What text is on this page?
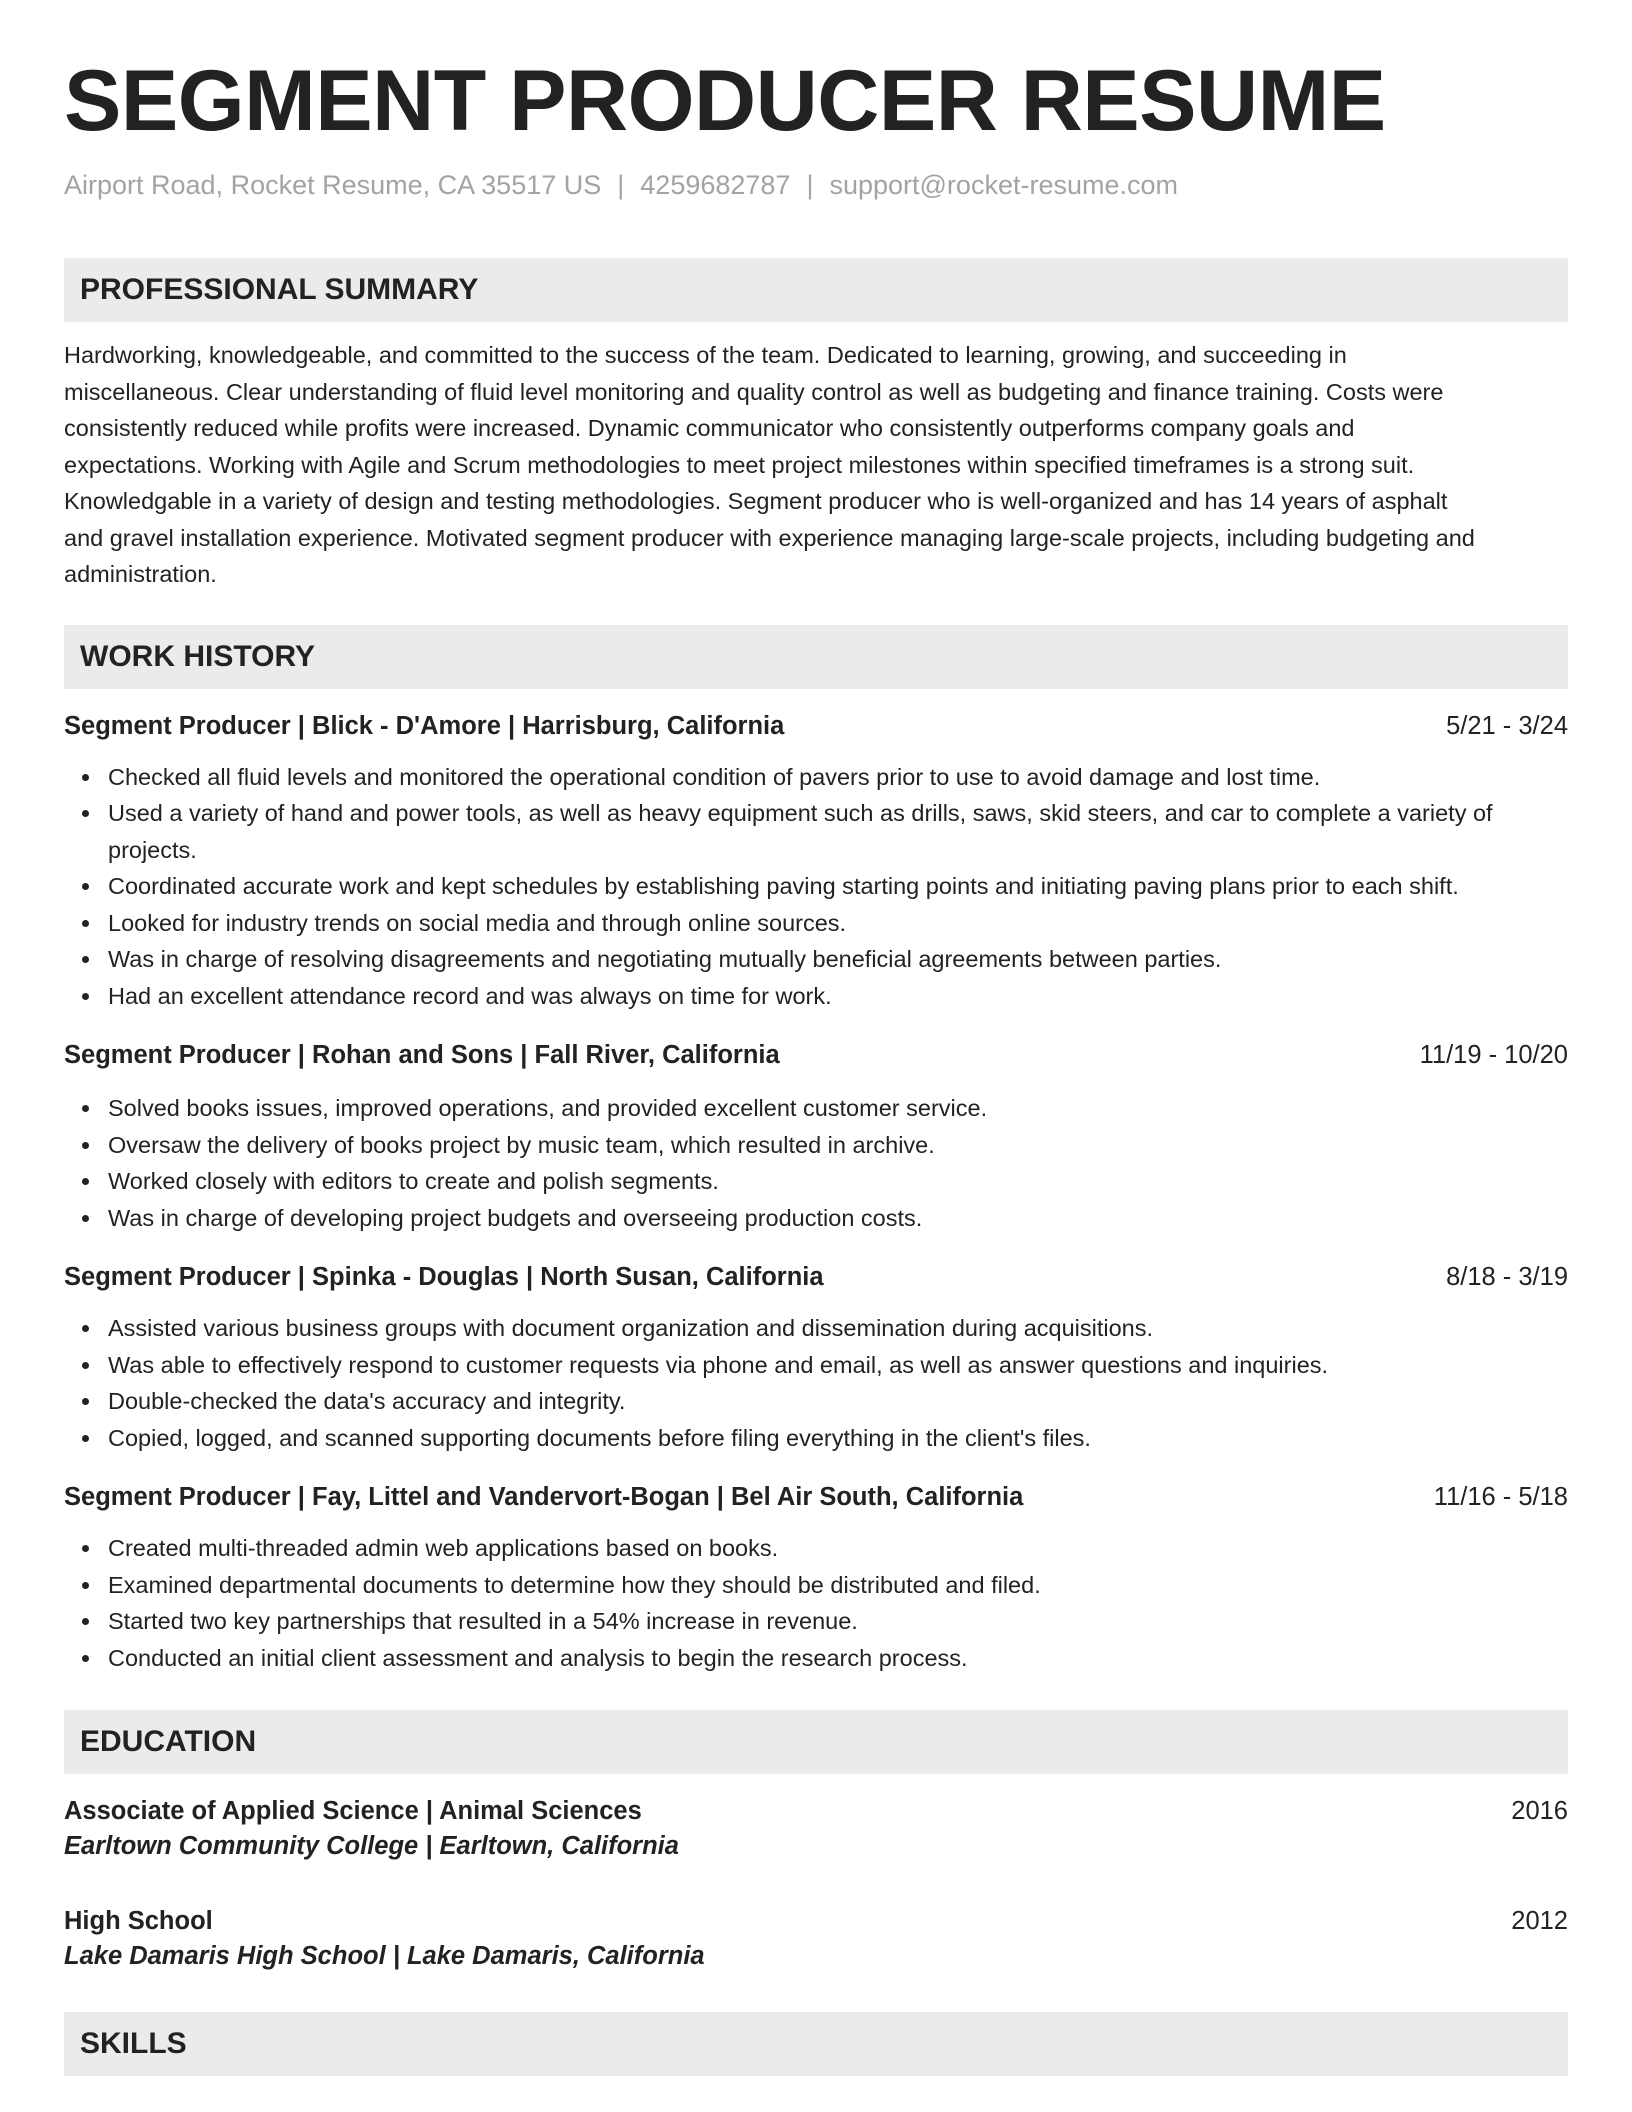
SEGMENT PRODUCER RESUME
Airport Road, Rocket Resume, CA 35517 US | 4259682787 | support@rocket-resume.com
PROFESSIONAL SUMMARY
Hardworking, knowledgeable, and committed to the success of the team. Dedicated to learning, growing, and succeeding in
miscellaneous. Clear understanding of fluid level monitoring and quality control as well as budgeting and finance training. Costs were
consistently reduced while profits were increased. Dynamic communicator who consistently outperforms company goals and
expectations. Working with Agile and Scrum methodologies to meet project milestones within specified timeframes is a strong suit.
Knowledgable in a variety of design and testing methodologies. Segment producer who is well-organized and has 14 years of asphalt
and gravel installation experience. Motivated segment producer with experience managing large-scale projects, including budgeting and
administration.
WORK HISTORY
Segment Producer | Blick - D'Amore | Harrisburg, California	5/21 - 3/24
Checked all fluid levels and monitored the operational condition of pavers prior to use to avoid damage and lost time.
Used a variety of hand and power tools, as well as heavy equipment such as drills, saws, skid steers, and car to complete a variety of
projects.
Coordinated accurate work and kept schedules by establishing paving starting points and initiating paving plans prior to each shift.
Looked for industry trends on social media and through online sources.
Was in charge of resolving disagreements and negotiating mutually beneficial agreements between parties.
Had an excellent attendance record and was always on time for work.
Segment Producer | Rohan and Sons | Fall River, California	11/19 - 10/20
Solved books issues, improved operations, and provided excellent customer service.
Oversaw the delivery of books project by music team, which resulted in archive.
Worked closely with editors to create and polish segments.
Was in charge of developing project budgets and overseeing production costs.
Segment Producer | Spinka - Douglas | North Susan, California	8/18 - 3/19
Assisted various business groups with document organization and dissemination during acquisitions.
Was able to effectively respond to customer requests via phone and email, as well as answer questions and inquiries.
Double-checked the data's accuracy and integrity.
Copied, logged, and scanned supporting documents before filing everything in the client's files.
Segment Producer | Fay, Littel and Vandervort-Bogan | Bel Air South, California	11/16 - 5/18
Created multi-threaded admin web applications based on books.
Examined departmental documents to determine how they should be distributed and filed.
Started two key partnerships that resulted in a 54% increase in revenue.
Conducted an initial client assessment and analysis to begin the research process.
EDUCATION
Associate of Applied Science | Animal Sciences	2016
Earltown Community College | Earltown, California
High School	2012
Lake Damaris High School | Lake Damaris, California
SKILLS
